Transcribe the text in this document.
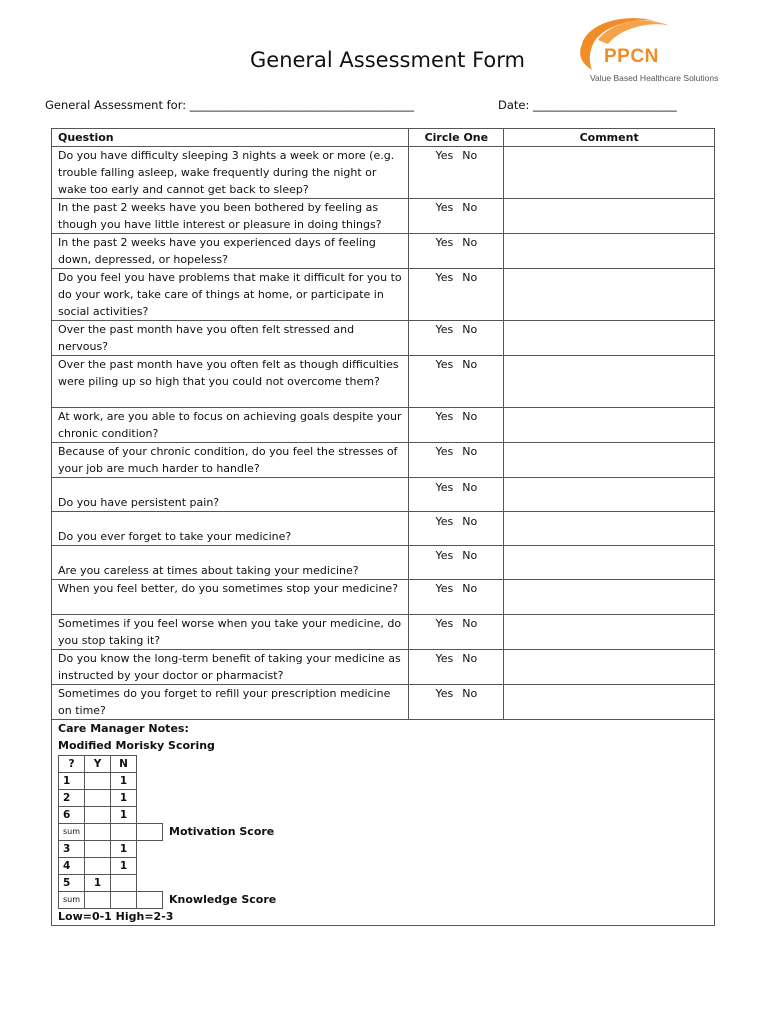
PPCN
Value Based Healthcare Solutions
General Assessment Form
General Assessment for: _______________________________________	Date: _________________________
Question	Circle One	Comment
Do you have difficulty sleeping 3 nights a week or more (e.g. trouble falling asleep, wake frequently during the night or wake too early and cannot get back to sleep?	Yes No	
In the past 2 weeks have you been bothered by feeling as though you have little interest or pleasure in doing things?	Yes No	
In the past 2 weeks have you experienced days of feeling down, depressed, or hopeless?	Yes No	
Do you feel you have problems that make it difficult for you to do your work, take care of things at home, or participate in social activities?	Yes No	
Over the past month have you often felt stressed and nervous?	Yes No	
Over the past month have you often felt as though difficulties were piling up so high that you could not overcome them?	Yes No	
At work, are you able to focus on achieving goals despite your chronic condition?	Yes No	
Because of your chronic condition, do you feel the stresses of your job are much harder to handle?	Yes No	
Do you have persistent pain?	Yes No	
Do you ever forget to take your medicine?	Yes No	
Are you careless at times about taking your medicine?	Yes No	
When you feel better, do you sometimes stop your medicine?	Yes No	
Sometimes if you feel worse when you take your medicine, do you stop taking it?	Yes No	
Do you know the long-term benefit of taking your medicine as instructed by your doctor or pharmacist?	Yes No	
Sometimes do you forget to refill your prescription medicine on time?	Yes No	

Care Manager Notes:
Modified Morisky Scoring
?	Y	N	
1		1	
2		1	
6		1	
sum				Motivation Score
3		1	
4		1	
5	1		
sum				Knowledge Score
Low=0-1 High=2-3
